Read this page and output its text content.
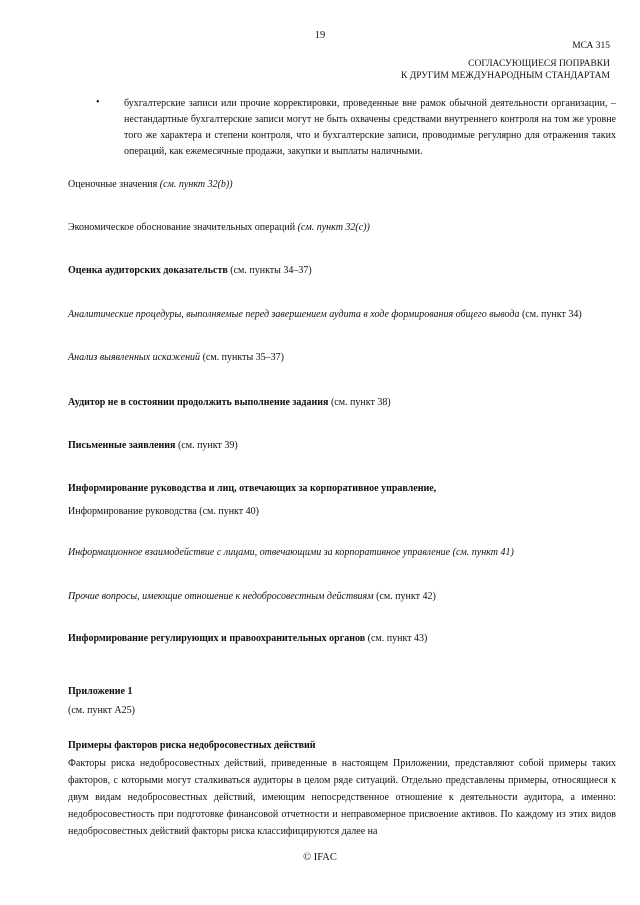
19
МСА 315
СОГЛАСУЮЩИЕСЯ ПОПРАВКИ
К ДРУГИМ МЕЖДУНАРОДНЫМ СТАНДАРТАМ
• бухгалтерские записи или прочие корректировки, проведенные вне рамок обычной деятельности организации, – нестандартные бухгалтерские записи могут не быть охвачены средствами внутреннего контроля на том же уровне того же характера и степени контроля, что и бухгалтерские записи, проводимые регулярно для отражения таких операций, как ежемесячные продажи, закупки и выплаты наличными.
Оценочные значения (см. пункт 32(b))
Экономическое обоснование значительных операций (см. пункт 32(c))
Оценка аудиторских доказательств (см. пункты 34–37)
Аналитические процедуры, выполняемые перед завершением аудита в ходе формирования общего вывода (см. пункт 34)
Анализ выявленных искажений (см. пункты 35–37)
Аудитор не в состоянии продолжить выполнение задания (см. пункт 38)
Письменные заявления (см. пункт 39)
Информирование руководства и лиц, отвечающих за корпоративное управление,
Информирование руководства (см. пункт 40)
Информационное взаимодействие с лицами, отвечающими за корпоративное управление (см. пункт 41)
Прочие вопросы, имеющие отношение к недобросовестным действиям (см. пункт 42)
Информирование регулирующих и правоохранительных органов (см. пункт 43)
Приложение 1
(см. пункт А25)
Примеры факторов риска недобросовестных действий
Факторы риска недобросовестных действий, приведенные в настоящем Приложении, представляют собой примеры таких факторов, с которыми могут сталкиваться аудиторы в целом ряде ситуаций. Отдельно представлены примеры, относящиеся к двум видам недобросовестных действий, имеющим непосредственное отношение к деятельности аудитора, а именно: недобросовестность при подготовке финансовой отчетности и неправомерное присвоение активов. По каждому из этих видов недобросовестных действий факторы риска классифицируются далее на
© IFAC
